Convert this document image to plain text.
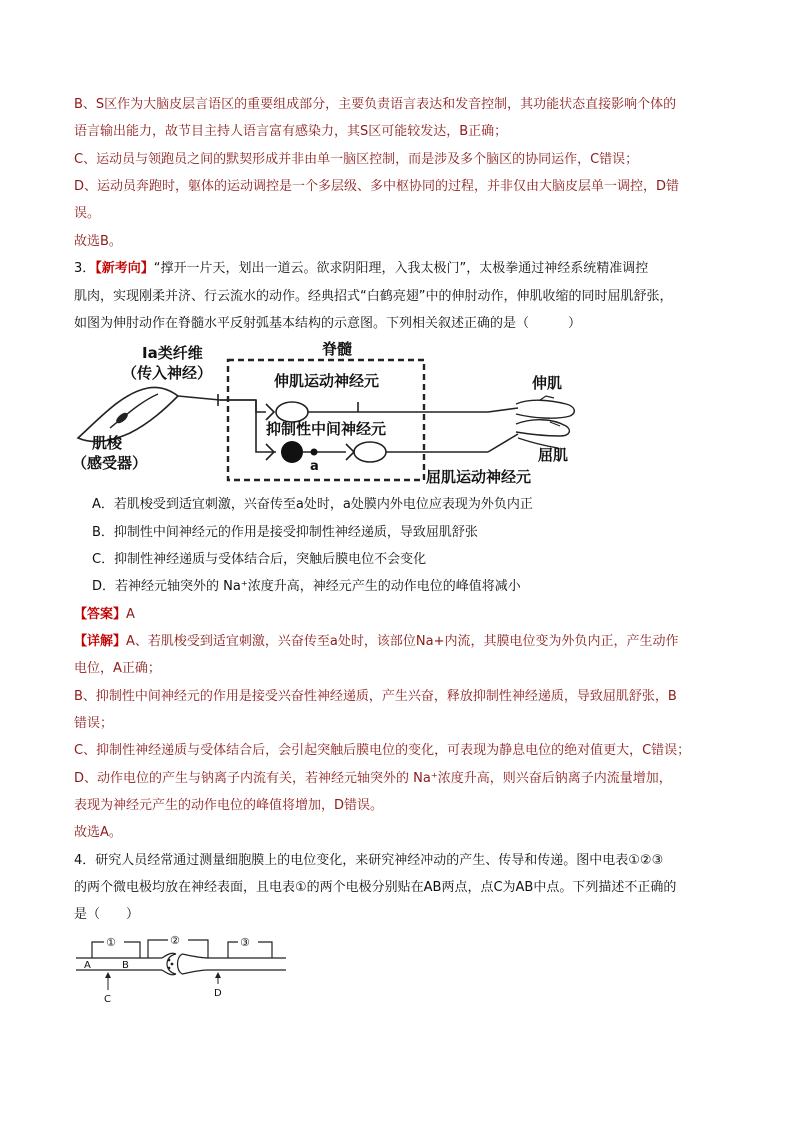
B、S区作为大脑皮层言语区的重要组成部分，主要负责语言表达和发音控制，其功能状态直接影响个体的
语言输出能力，故节目主持人语言富有感染力，其S区可能较发达，B正确；
C、运动员与领跑员之间的默契形成并非由单一脑区控制，而是涉及多个脑区的协同运作，C错误；
D、运动员奔跑时，躯体的运动调控是一个多层级、多中枢协同的过程，并非仅由大脑皮层单一调控，D错
误。
故选B。
3．【新考向】“撑开一片天，划出一道云。欲求阴阳理，入我太极门”，太极拳通过神经系统精准调控
肌肉，实现刚柔并济、行云流水的动作。经典招式“白鹤亮翅”中的伸肘动作，伸肌收缩的同时屈肌舒张，
如图为伸肘动作在脊髓水平反射弧基本结构的示意图。下列相关叙述正确的是（　　　）
Ia类纤维
（传入神经）
脊髓
伸肌运动神经元
抑制性中间神经元
a
肌梭
（感受器）
伸肌
屈肌
屈肌运动神经元
A．若肌梭受到适宜刺激，兴奋传至a处时，a处膜内外电位应表现为外负内正
B．抑制性中间神经元的作用是接受抑制性神经递质，导致屈肌舒张
C．抑制性神经递质与受体结合后，突触后膜电位不会变化
D．若神经元轴突外的 Na⁺浓度升高，神经元产生的动作电位的峰值将减小
【答案】A
【详解】A、若肌梭受到适宜刺激，兴奋传至a处时，该部位Na+内流，其膜电位变为外负内正，产生动作
电位，A正确；
B、抑制性中间神经元的作用是接受兴奋性神经递质，产生兴奋，释放抑制性神经递质，导致屈肌舒张，B
错误；
C、抑制性神经递质与受体结合后，会引起突触后膜电位的变化，可表现为静息电位的绝对值更大，C错误；
D、动作电位的产生与钠离子内流有关，若神经元轴突外的 Na⁺浓度升高，则兴奋后钠离子内流量增加，
表现为神经元产生的动作电位的峰值将增加，D错误。
故选A。
4．研究人员经常通过测量细胞膜上的电位变化，来研究神经冲动的产生、传导和传递。图中电表①②③
的两个微电极均放在神经表面，且电表①的两个电极分别贴在AB两点，点C为AB中点。下列描述不正确的
是（　　）
①	②	③
A	B
C
D
